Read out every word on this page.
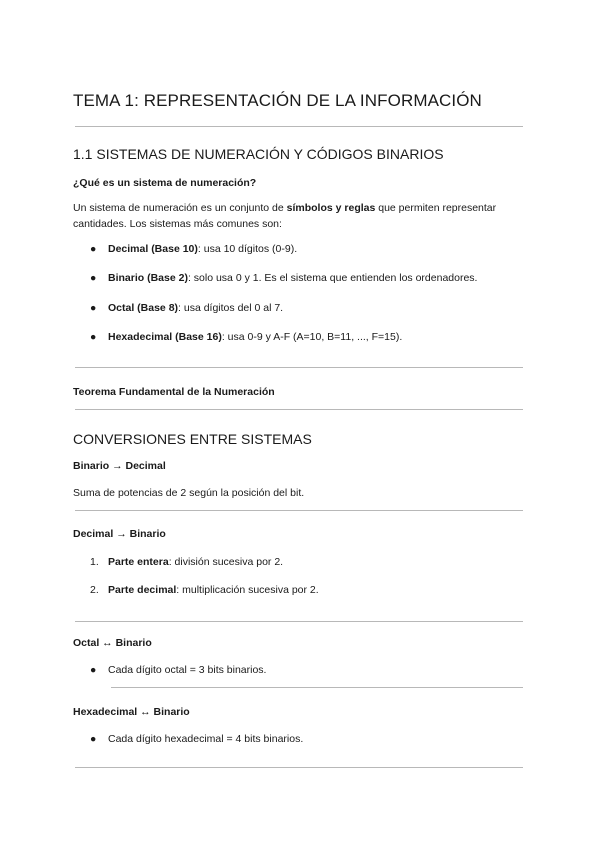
TEMA 1: REPRESENTACIÓN DE LA INFORMACIÓN
1.1 SISTEMAS DE NUMERACIÓN Y CÓDIGOS BINARIOS
¿Qué es un sistema de numeración?
Un sistema de numeración es un conjunto de símbolos y reglas que permiten representar
cantidades. Los sistemas más comunes son:
●	Decimal (Base 10): usa 10 dígitos (0-9).
●	Binario (Base 2): solo usa 0 y 1. Es el sistema que entienden los ordenadores.
●	Octal (Base 8): usa dígitos del 0 al 7.
●	Hexadecimal (Base 16): usa 0-9 y A-F (A=10, B=11, ..., F=15).
Teorema Fundamental de la Numeración
CONVERSIONES ENTRE SISTEMAS
Binario → Decimal
Suma de potencias de 2 según la posición del bit.
Decimal → Binario
1. Parte entera: división sucesiva por 2.
2. Parte decimal: multiplicación sucesiva por 2.
Octal ↔ Binario
●	Cada dígito octal = 3 bits binarios.
Hexadecimal ↔ Binario
●	Cada dígito hexadecimal = 4 bits binarios.
